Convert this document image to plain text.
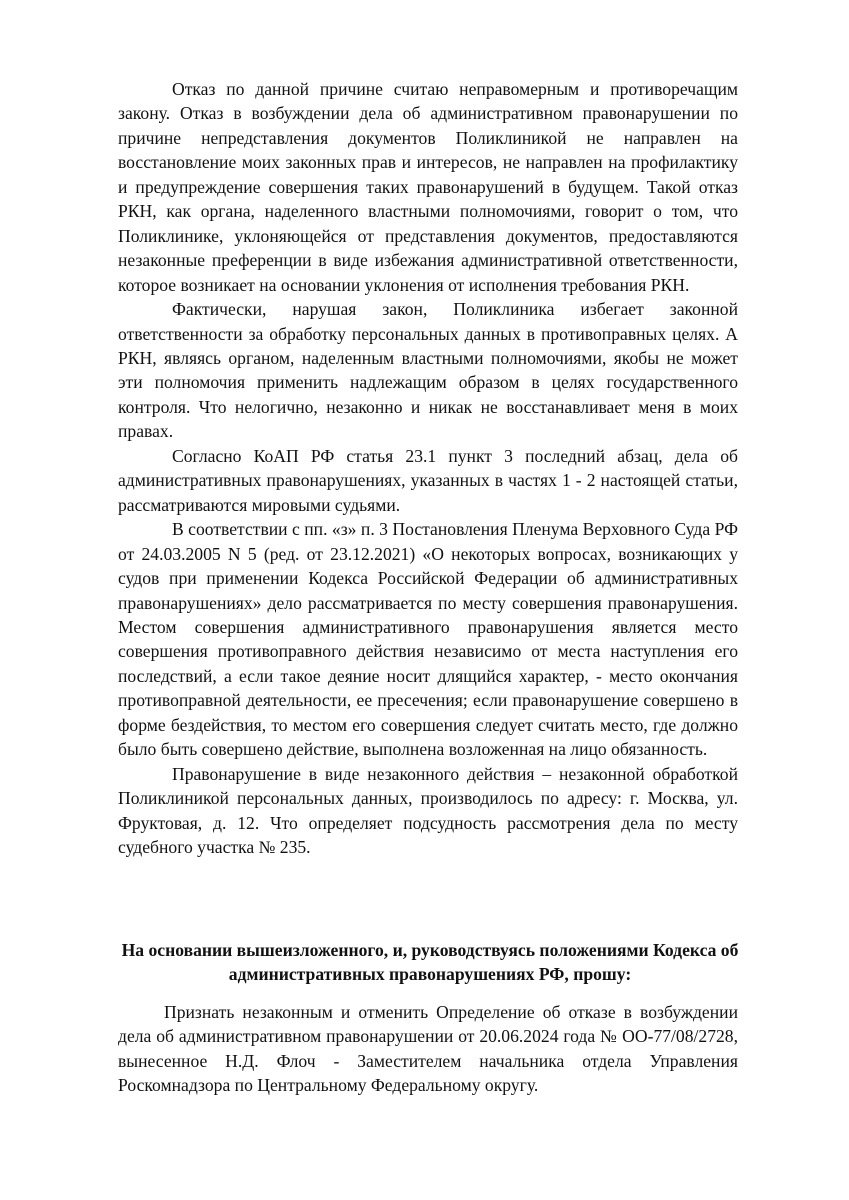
Отказ по данной причине считаю неправомерным и противоречащим закону. Отказ в возбуждении дела об административном правонарушении по причине непредставления документов Поликлиникой не направлен на восстановление моих законных прав и интересов, не направлен на профилактику и предупреждение совершения таких правонарушений в будущем. Такой отказ РКН, как органа, наделенного властными полномочиями, говорит о том, что Поликлинике, уклоняющейся от представления документов, предоставляются незаконные преференции в виде избежания административной ответственности, которое возникает на основании уклонения от исполнения требования РКН.

Фактически, нарушая закон, Поликлиника избегает законной ответственности за обработку персональных данных в противоправных целях. А РКН, являясь органом, наделенным властными полномочиями, якобы не может эти полномочия применить надлежащим образом в целях государственного контроля. Что нелогично, незаконно и никак не восстанавливает меня в моих правах.

Согласно КоАП РФ статья 23.1 пункт 3 последний абзац, дела об административных правонарушениях, указанных в частях 1 - 2 настоящей статьи, рассматриваются мировыми судьями.

В соответствии с пп. «з» п. 3 Постановления Пленума Верховного Суда РФ от 24.03.2005 N 5 (ред. от 23.12.2021) «О некоторых вопросах, возникающих у судов при применении Кодекса Российской Федерации об административных правонарушениях» дело рассматривается по месту совершения правонарушения. Местом совершения административного правонарушения является место совершения противоправного действия независимо от места наступления его последствий, а если такое деяние носит длящийся характер, - место окончания противоправной деятельности, ее пресечения; если правонарушение совершено в форме бездействия, то местом его совершения следует считать место, где должно было быть совершено действие, выполнена возложенная на лицо обязанность.

Правонарушение в виде незаконного действия – незаконной обработкой Поликлиникой персональных данных, производилось по адресу: г. Москва, ул. Фруктовая, д. 12. Что определяет подсудность рассмотрения дела по месту судебного участка № 235.

На основании вышеизложенного, и, руководствуясь положениями Кодекса об административных правонарушениях РФ, прошу:

Признать незаконным и отменить Определение об отказе в возбуждении дела об административном правонарушении от 20.06.2024 года № ОО-77/08/2728, вынесенное Н.Д. Флоч - Заместителем начальника отдела Управления Роскомнадзора по Центральному Федеральному округу.
